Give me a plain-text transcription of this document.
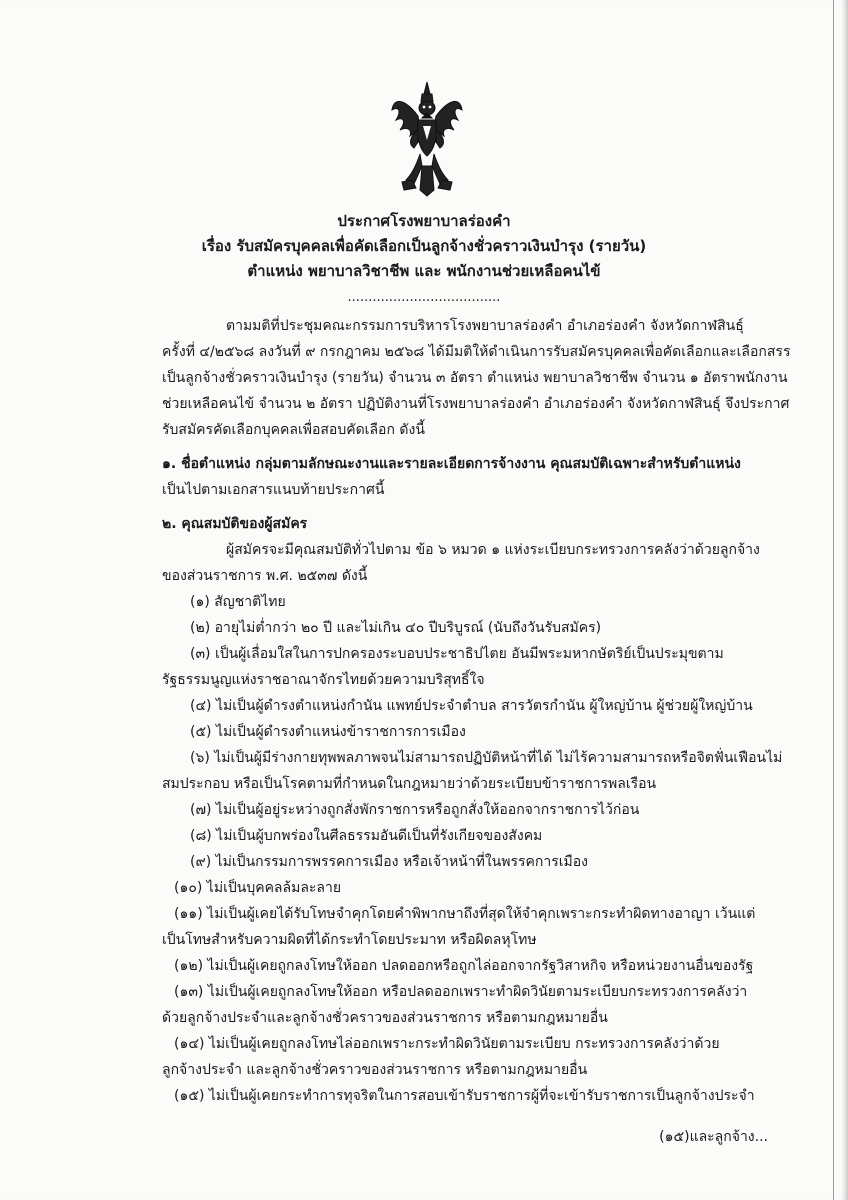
ประกาศโรงพยาบาลร่องคำ
เรื่อง รับสมัครบุคคลเพื่อคัดเลือกเป็นลูกจ้างชั่วคราวเงินบำรุง (รายวัน)
ตำแหน่ง พยาบาลวิชาชีพ และ พนักงานช่วยเหลือคนไข้
.....................................
ตามมติที่ประชุมคณะกรรมการบริหารโรงพยาบาลร่องคำ อำเภอร่องคำ จังหวัดกาฬสินธุ์
ครั้งที่ ๔/๒๕๖๘ ลงวันที่ ๙ กรกฎาคม ๒๕๖๘ ได้มีมติให้ดำเนินการรับสมัครบุคคลเพื่อคัดเลือกและเลือกสรร
เป็นลูกจ้างชั่วคราวเงินบำรุง (รายวัน) จำนวน ๓ อัตรา ตำแหน่ง พยาบาลวิชาชีพ จำนวน ๑ อัตราพนักงาน
ช่วยเหลือคนไข้ จำนวน ๒ อัตรา ปฏิบัติงานที่โรงพยาบาลร่องคำ อำเภอร่องคำ จังหวัดกาฬสินธุ์ จึงประกาศ
รับสมัครคัดเลือกบุคคลเพื่อสอบคัดเลือก ดังนี้
๑. ชื่อตำแหน่ง กลุ่มตามลักษณะงานและรายละเอียดการจ้างงาน คุณสมบัติเฉพาะสำหรับตำแหน่ง
เป็นไปตามเอกสารแนบท้ายประกาศนี้
๒. คุณสมบัติของผู้สมัคร
ผู้สมัครจะมีคุณสมบัติทั่วไปตาม ข้อ ๖ หมวด ๑ แห่งระเบียบกระทรวงการคลังว่าด้วยลูกจ้าง
ของส่วนราชการ พ.ศ. ๒๕๓๗ ดังนี้
(๑) สัญชาติไทย
(๒) อายุไม่ต่ำกว่า ๒๐ ปี และไม่เกิน ๔๐ ปีบริบูรณ์ (นับถึงวันรับสมัคร)
(๓) เป็นผู้เลื่อมใสในการปกครองระบอบประชาธิปไตย อันมีพระมหากษัตริย์เป็นประมุขตาม
รัฐธรรมนูญแห่งราชอาณาจักรไทยด้วยความบริสุทธิ์ใจ
(๔) ไม่เป็นผู้ดำรงตำแหน่งกำนัน แพทย์ประจำตำบล สารวัตรกำนัน ผู้ใหญ่บ้าน ผู้ช่วยผู้ใหญ่บ้าน
(๕) ไม่เป็นผู้ดำรงตำแหน่งข้าราชการการเมือง
(๖) ไม่เป็นผู้มีร่างกายทุพพลภาพจนไม่สามารถปฏิบัติหน้าที่ได้ ไม่ไร้ความสามารถหรือจิตฟั่นเฟือนไม่
สมประกอบ หรือเป็นโรคตามที่กำหนดในกฎหมายว่าด้วยระเบียบข้าราชการพลเรือน
(๗) ไม่เป็นผู้อยู่ระหว่างถูกสั่งพักราชการหรือถูกสั่งให้ออกจากราชการไว้ก่อน
(๘) ไม่เป็นผู้บกพร่องในศีลธรรมอันดีเป็นที่รังเกียจของสังคม
(๙) ไม่เป็นกรรมการพรรคการเมือง หรือเจ้าหน้าที่ในพรรคการเมือง
(๑๐) ไม่เป็นบุคคลล้มละลาย
(๑๑) ไม่เป็นผู้เคยได้รับโทษจำคุกโดยคำพิพากษาถึงที่สุดให้จำคุกเพราะกระทำผิดทางอาญา เว้นแต่
เป็นโทษสำหรับความผิดที่ได้กระทำโดยประมาท หรือผิดลหุโทษ
(๑๒) ไม่เป็นผู้เคยถูกลงโทษให้ออก ปลดออกหรือถูกไล่ออกจากรัฐวิสาหกิจ หรือหน่วยงานอื่นของรัฐ
(๑๓) ไม่เป็นผู้เคยถูกลงโทษให้ออก หรือปลดออกเพราะทำผิดวินัยตามระเบียบกระทรวงการคลังว่า
ด้วยลูกจ้างประจำและลูกจ้างชั่วคราวของส่วนราชการ หรือตามกฎหมายอื่น
(๑๔) ไม่เป็นผู้เคยถูกลงโทษไล่ออกเพราะกระทำผิดวินัยตามระเบียบ กระทรวงการคลังว่าด้วย
ลูกจ้างประจำ และลูกจ้างชั่วคราวของส่วนราชการ หรือตามกฎหมายอื่น
(๑๕) ไม่เป็นผู้เคยกระทำการทุจริตในการสอบเข้ารับราชการผู้ที่จะเข้ารับราชการเป็นลูกจ้างประจำ
(๑๕)และลูกจ้าง...
